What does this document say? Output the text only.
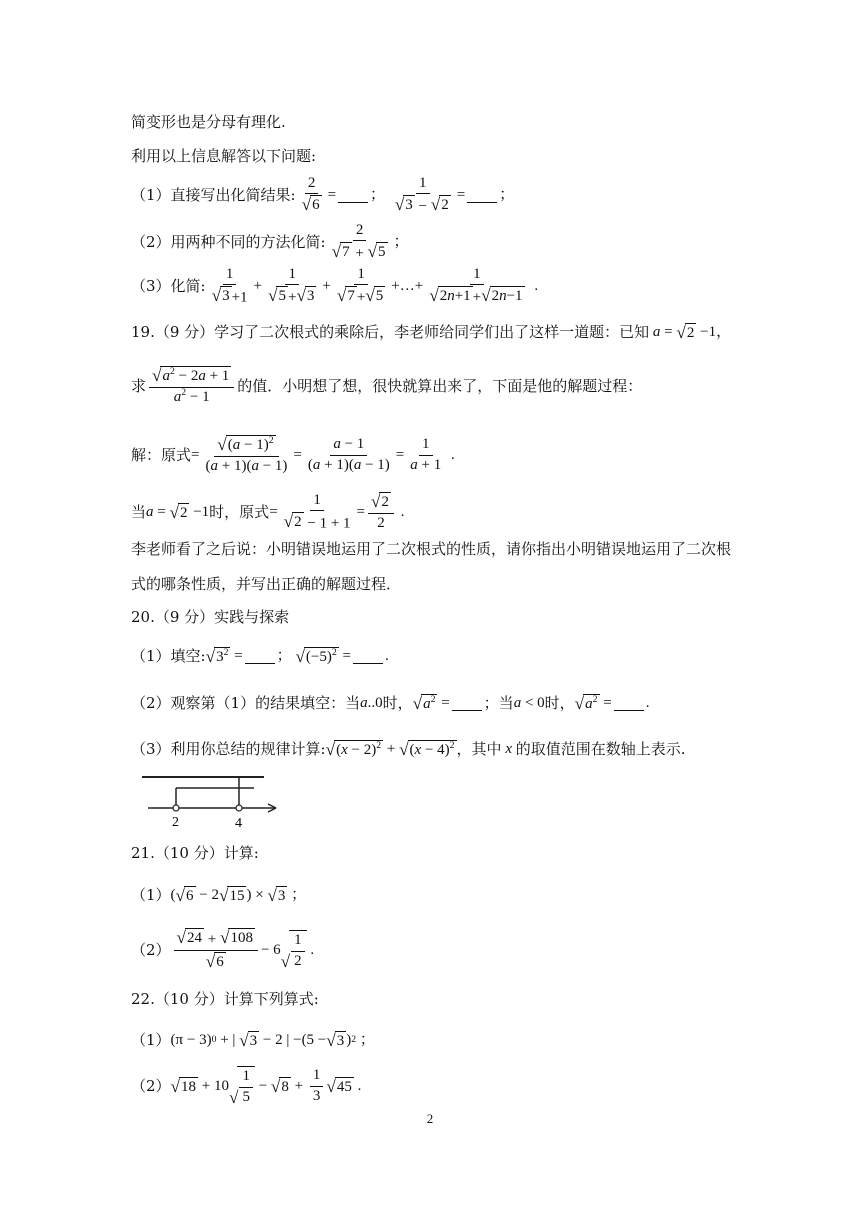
简变形也是分母有理化.
利用以上信息解答以下问题:
（1）直接写出化简结果: $\frac{2}{√ 6}$ = ； $\frac{1}{√ 3 - √ 2}$ = ；
（2）用两种不同的方法化简: $\frac{2}{√ 7 + √ 5}$ ；
（3）化简: $\frac{1}{√ 3 +1} + \frac{1}{√ 5 + √ 3} + \frac{1}{√ 7 + √ 5}$ +…+ $\frac{1}{√ 2n+1 + √ 2n-1}$ .
19.（9 分）学习了二次根式的乘除后，李老师给同学们出了这样一道题：已知
a = √ 2 −1，
求 $\frac{√ a^2 - 2a + 1}{a^2 - 1}$ 的值．小明想了想，很快就算出来了，下面是他的解题过程：
解：原式 = $\frac{√ (a - 1)^2}{(a + 1)(a - 1)} = \frac{a - 1}{(a + 1)(a - 1)} = \frac{1}{a + 1}$ .
当 a = √ 2 −1 时，原式 = $\frac{1}{√ 2 - 1 + 1} = \frac{√ 2}{2}$ .
李老师看了之后说：小明错误地运用了二次根式的性质，请你指出小明错误地运用了二次根
式的哪条性质，并写出正确的解题过程．
20.（9 分）实践与探索
（1）填空: √ $3^2$ = ； √ $(-5)^2$ = .
（2）观察第（1）的结果填空：当 a ..0 时， √ $a^2$ =	；当 a < 0 时， √ $a^2$ = .
（3）利用你总结的规律计算: √ $(x - 2)^2$ + √ $(x - 4)^2$ ，其中
x
的取值范围在数轴上表示.
2	4
21.（10 分）计算:
（1） ( √ 6 − 2 √ 15 ) × √ 3 ；
$(2) \frac{√ 24 + √ 108}{√ 6} - 6$
√ $\frac{1}{2}$ .
22.（10 分）计算下列算式:
（1） (π − 3) 0 + | √ 3 − 2 | −(5 − √ 3 ) 2 ；
（2） √ 18 + 10
√ $\frac{1}{5}$ − √ $8 + \frac{1}{3}$ √ 45 .
2
